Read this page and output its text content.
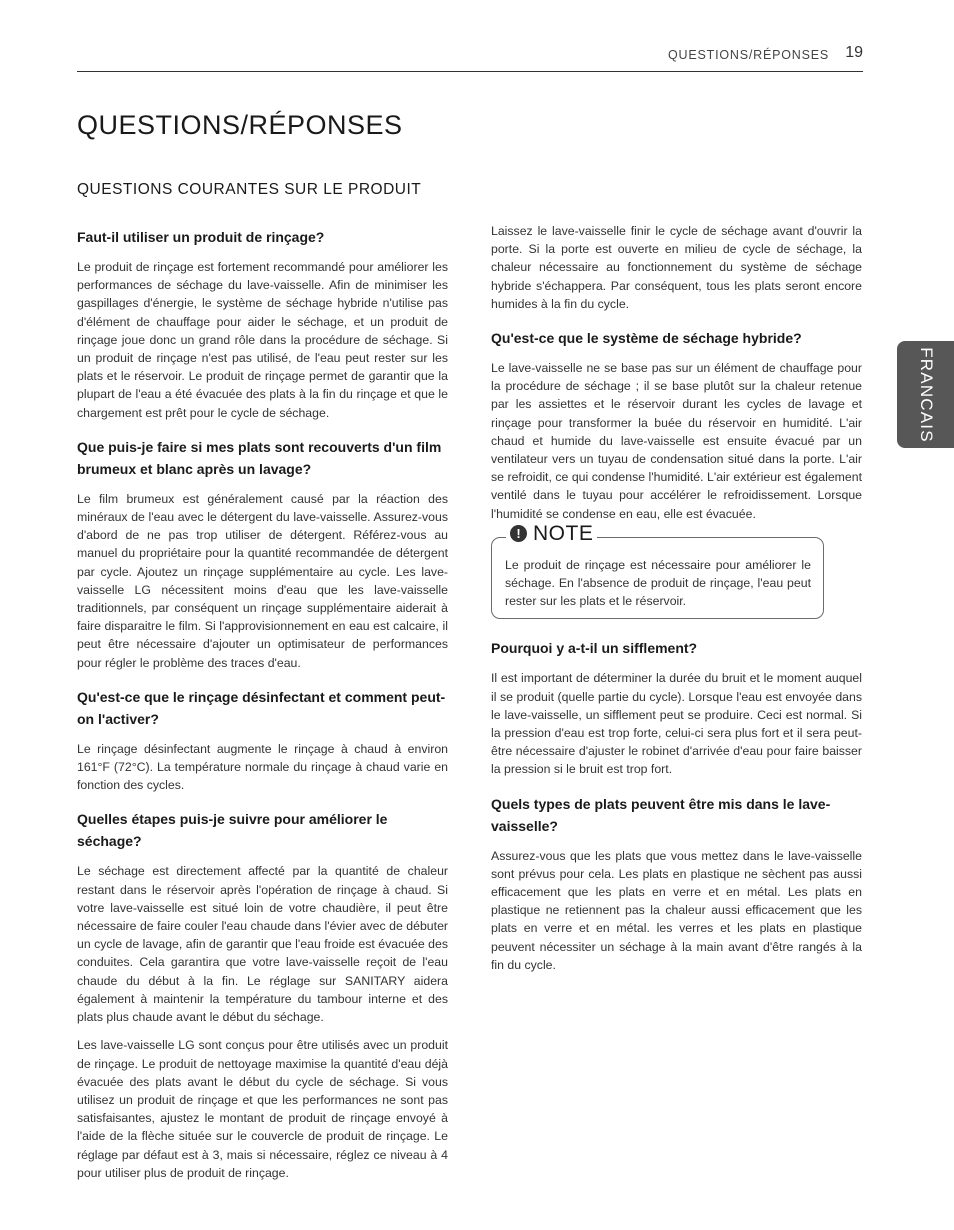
QUESTIONS/RÉPONSES 19
QUESTIONS/RÉPONSES
QUESTIONS COURANTES SUR LE PRODUIT
Faut-il utiliser un produit de rinçage?

Le produit de rinçage est fortement recommandé pour améliorer les performances de séchage du lave-vaisselle. Afin de minimiser les gaspillages d'énergie, le système de séchage hybride n'utilise pas d'élément de chauffage pour aider le séchage, et un produit de rinçage joue donc un grand rôle dans la procédure de séchage. Si un produit de rinçage n'est pas utilisé, de l'eau peut rester sur les plats et le réservoir. Le produit de rinçage permet de garantir que la plupart de l'eau a été évacuée des plats à la fin du rinçage et que le chargement est prêt pour le cycle de séchage.

Que puis-je faire si mes plats sont recouverts d'un film brumeux et blanc après un lavage?

Le film brumeux est généralement causé par la réaction des minéraux de l'eau avec le détergent du lave-vaisselle. Assurez-vous d'abord de ne pas trop utiliser de détergent. Référez-vous au manuel du propriétaire pour la quantité recommandée de détergent par cycle. Ajoutez un rinçage supplémentaire au cycle. Les lave-vaisselle LG nécessitent moins d'eau que les lave-vaisselle traditionnels, par conséquent un rinçage supplémentaire aiderait à faire disparaitre le film. Si l'approvisionnement en eau est calcaire, il peut être nécessaire d'ajouter un optimisateur de performances pour régler le problème des traces d'eau.

Qu'est-ce que le rinçage désinfectant et comment peut-on l'activer?

Le rinçage désinfectant augmente le rinçage à chaud à environ 161°F (72°C). La température normale du rinçage à chaud varie en fonction des cycles.

Quelles étapes puis-je suivre pour améliorer le séchage?

Le séchage est directement affecté par la quantité de chaleur restant dans le réservoir après l'opération de rinçage à chaud. Si votre lave-vaisselle est situé loin de votre chaudière, il peut être nécessaire de faire couler l'eau chaude dans l'évier avec de débuter un cycle de lavage, afin de garantir que l'eau froide est évacuée des conduites. Cela garantira que votre lave-vaisselle reçoit de l'eau chaude du début à la fin. Le réglage sur SANITARY aidera également à maintenir la température du tambour interne et des plats plus chaude avant le début du séchage.

Les lave-vaisselle LG sont conçus pour être utilisés avec un produit de rinçage. Le produit de nettoyage maximise la quantité d'eau déjà évacuée des plats avant le début du cycle de séchage. Si vous utilisez un produit de rinçage et que les performances ne sont pas satisfaisantes, ajustez le montant de produit de rinçage envoyé à l'aide de la flèche située sur le couvercle de produit de rinçage. Le réglage par défaut est à 3, mais si nécessaire, réglez ce niveau à 4 pour utiliser plus de produit de rinçage.

Laissez le lave-vaisselle finir le cycle de séchage avant d'ouvrir la porte. Si la porte est ouverte en milieu de cycle de séchage, la chaleur nécessaire au fonctionnement du système de séchage hybride s'échappera. Par conséquent, tous les plats seront encore humides à la fin du cycle.

Qu'est-ce que le système de séchage hybride?

Le lave-vaisselle ne se base pas sur un élément de chauffage pour la procédure de séchage ; il se base plutôt sur la chaleur retenue par les assiettes et le réservoir durant les cycles de lavage et rinçage pour transformer la buée du réservoir en humidité. L'air chaud et humide du lave-vaisselle est ensuite évacué par un ventilateur vers un tuyau de condensation situé dans la porte. L'air se refroidit, ce qui condense l'humidité. L'air extérieur est également ventilé dans le tuyau pour accélérer le refroidissement. Lorsque l'humidité se condense en eau, elle est évacuée.

! NOTE

Le produit de rinçage est nécessaire pour améliorer le séchage. En l'absence de produit de rinçage, l'eau peut rester sur les plats et le réservoir.

Pourquoi y a-t-il un sifflement?

Il est important de déterminer la durée du bruit et le moment auquel il se produit (quelle partie du cycle). Lorsque l'eau est envoyée dans le lave-vaisselle, un sifflement peut se produire. Ceci est normal. Si la pression d'eau est trop forte, celui-ci sera plus fort et il sera peut-être nécessaire d'ajuster le robinet d'arrivée d'eau pour faire baisser la pression si le bruit est trop fort.

Quels types de plats peuvent être mis dans le lave-vaisselle?

Assurez-vous que les plats que vous mettez dans le lave-vaisselle sont prévus pour cela. Les plats en plastique ne sèchent pas aussi efficacement que les plats en verre et en métal. Les plats en plastique ne retiennent pas la chaleur aussi efficacement que les plats en verre et en métal. les verres et les plats en plastique peuvent nécessiter un séchage à la main avant d'être rangés à la fin du cycle.

FRANCAIS
